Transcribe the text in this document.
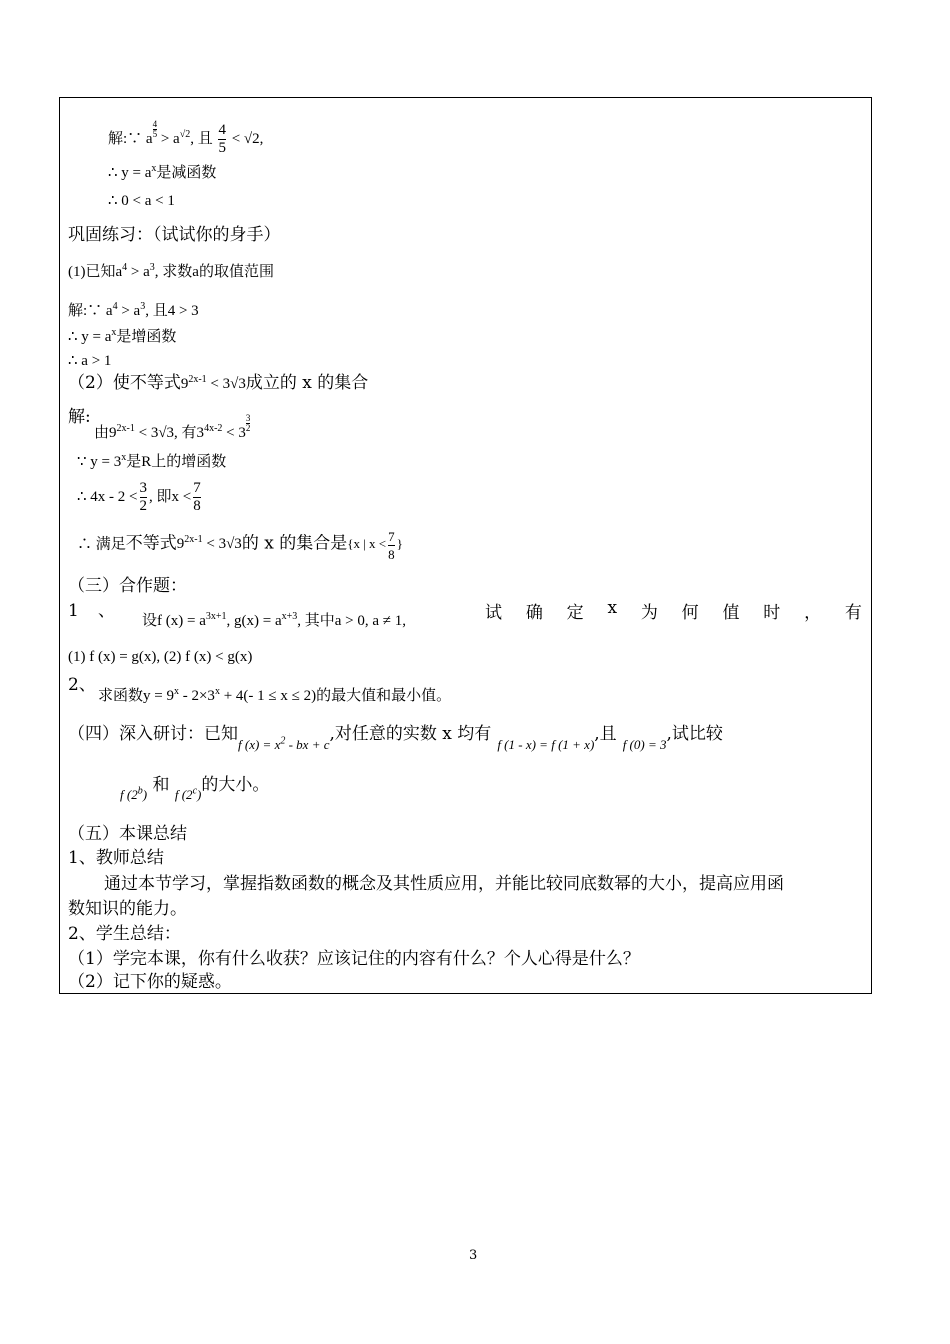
解:∵ $a\frac{4}{5} > a^{√2}$, 且 $\frac{4}{5} < √2$,
∴ $y = a^x$是减函数
∴ 0 < a < 1
巩固练习：（试试你的身手）
(1)已知$a^4 > a^3$, 求数a的取值范围
解:∵ $a^4 > a^3$, 且4 > 3
∴ $y = a^x$是增函数
∴ a > 1
（2）使不等式$9^{2x-1} < 3√3$成立的 x 的集合
解:
由$9^{2x-1} < 3√3$, 有$3^{4x-2} < 3\frac{3}{2}$
∵ $y = 3^x$是R上的增函数
∴ $4x - 2 < \frac{3}{2}$ , 即$x < \frac{7}{8}$
∴ 满足不等式$9^{2x-1} < 3√3$的 x 的集合是{x | $x < \frac{7}{8}$ }
（三）合作题：
1 、 设f $(x) = a^{3x+1}$, $g(x) = a^{x+3}$, 其中a > 0, a ≠ 1,	试 确 定 x 为 何 值 时 ， 有
(1) f (x) = g(x), (2) f (x) < g(x)
2、
求函数$y = 9^x - 2\times 3^x + 4(-$ 1 ≤ x ≤ 2)的最大值和最小值。
（四）深入研讨：已知$_{f (x) = x^2 - bx + c}$,对任意的实数 x 均有$_{f (1 - x) = f (1 + x)}$,且$_{f (0) = 3}$,试比较
$_{f (2^b)}$ 和 $_{f (2^c)}$的大小。
（五）本课总结
1、教师总结
通过本节学习，掌握指数函数的概念及其性质应用，并能比较同底数幂的大小，提高应用函
数知识的能力。
2、学生总结：
（1）学完本课，你有什么收获？应该记住的内容有什么？个人心得是什么？
（2）记下你的疑惑。
3
